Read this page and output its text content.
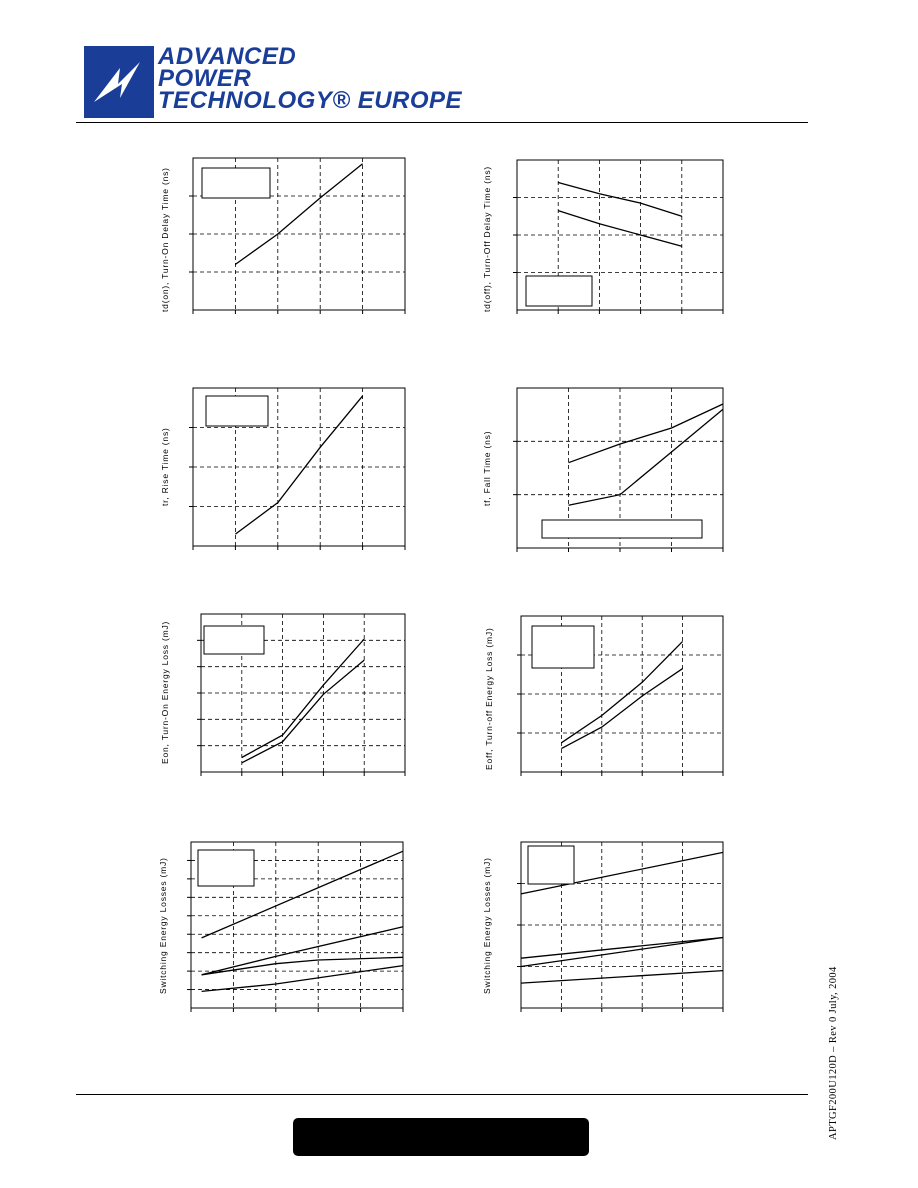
ADVANCED
POWER
TECHNOLOGY® EUROPE
td(on), Turn-On Delay Time (ns)	td(off), Turn-Off Delay Time (ns)
tr, Rise Time (ns)	tf, Fall Time (ns)
Eon, Turn-On Energy Loss (mJ)	Eoff, Turn-off Energy Loss (mJ)
Switching Energy Losses (mJ)	Switching Energy Losses (mJ)
APTGF200U120D – Rev 0 July, 2004
